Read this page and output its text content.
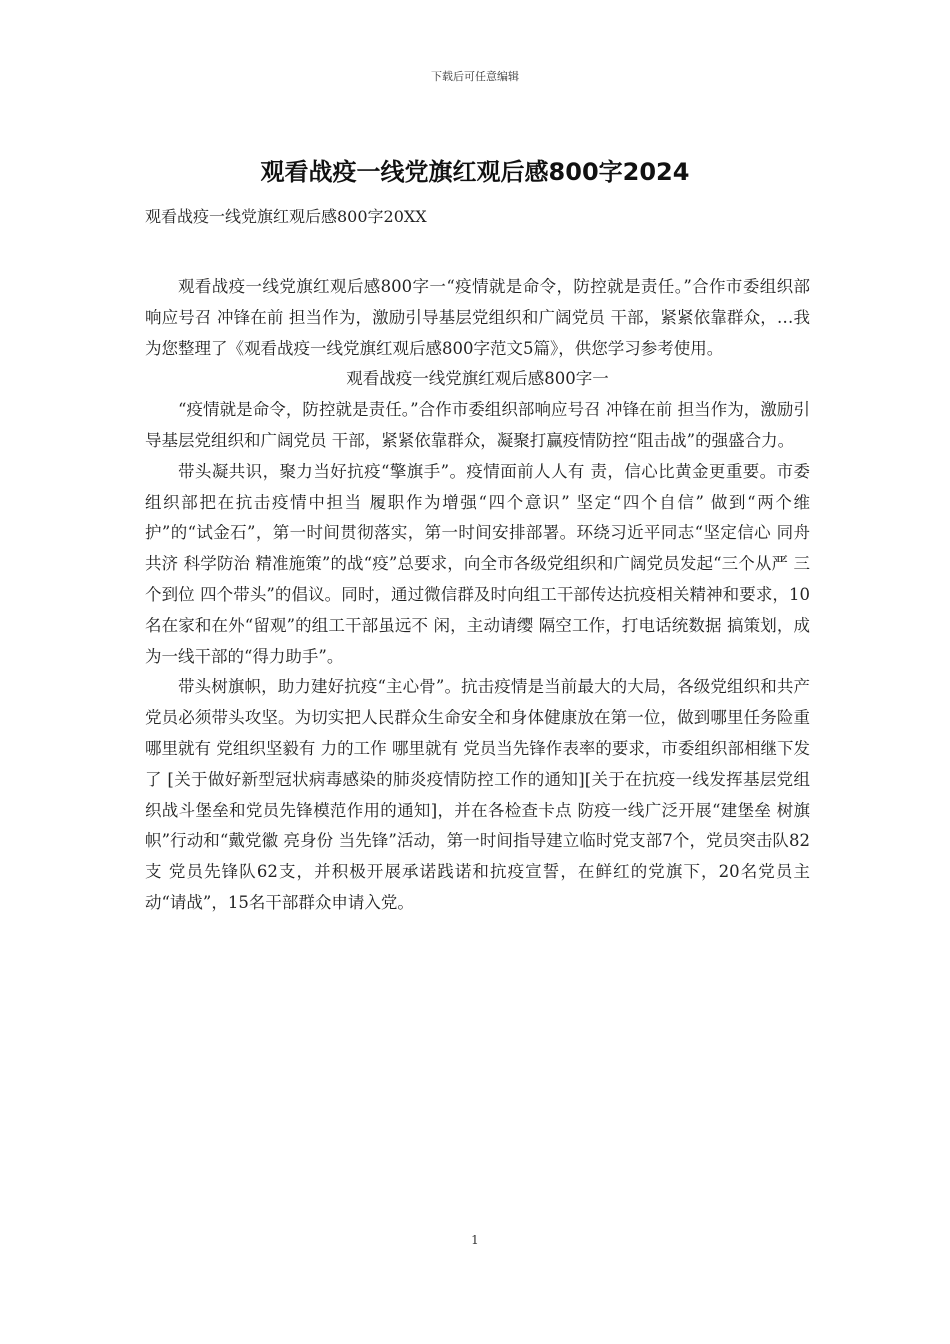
下载后可任意编辑
观看战疫一线党旗红观后感800字2024
观看战疫一线党旗红观后感800字20XX

观看战疫一线党旗红观后感800字一“疫情就是命令，防控就是责任。”合作市委组织部响应号召 冲锋在前 担当作为，激励引导基层党组织和广阔党员 干部，紧紧依靠群众，…我为您整理了《观看战疫一线党旗红观后感800字范文5篇》，供您学习参考使用。

观看战疫一线党旗红观后感800字一

“疫情就是命令，防控就是责任。”合作市委组织部响应号召 冲锋在前 担当作为，激励引导基层党组织和广阔党员 干部，紧紧依靠群众，凝聚打赢疫情防控“阻击战”的强盛合力。

带头凝共识，聚力当好抗疫“擎旗手”。疫情面前人人有 责，信心比黄金更重要。市委组织部把在抗击疫情中担当 履职作为增强“四个意识” 坚定“四个自信” 做到“两个维护”的“试金石”，第一时间贯彻落实，第一时间安排部署。环绕习近平同志“坚定信心 同舟共济 科学防治 精准施策”的战“疫”总要求，向全市各级党组织和广阔党员发起“三个从严 三个到位 四个带头”的倡议。同时，通过微信群及时向组工干部传达抗疫相关精神和要求，10名在家和在外“留观”的组工干部虽远不 闲，主动请缨 隔空工作，打电话统数据 搞策划，成为一线干部的“得力助手”。

带头树旗帜，助力建好抗疫“主心骨”。抗击疫情是当前最大的大局，各级党组织和共产党员必须带头攻坚。为切实把人民群众生命安全和身体健康放在第一位，做到哪里任务险重哪里就有 党组织坚毅有 力的工作 哪里就有 党员当先锋作表率的要求，市委组织部相继下发了 [关于做好新型冠状病毒感染的肺炎疫情防控工作的通知][关于在抗疫一线发挥基层党组织战斗堡垒和党员先锋模范作用的通知]，并在各检查卡点 防疫一线广泛开展“建堡垒 树旗帜”行动和“戴党徽 亮身份 当先锋”活动，第一时间指导建立临时党支部7个，党员突击队82支 党员先锋队62支，并积极开展承诺践诺和抗疫宣誓，在鲜红的党旗下，20名党员主动“请战”，15名干部群众申请入党。

1
